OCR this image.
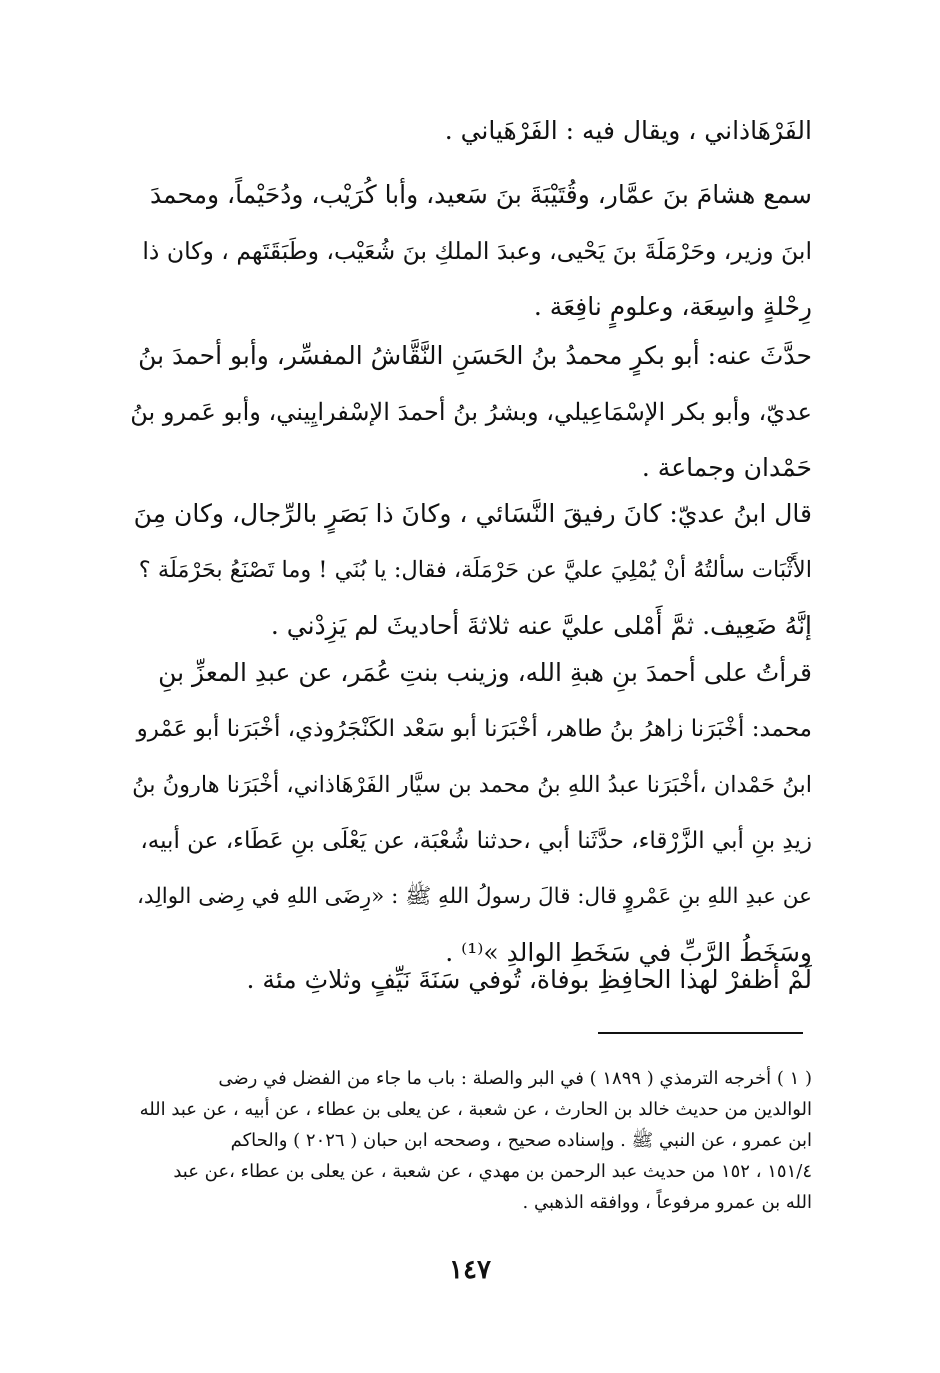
الفَرْهَاذاني ، ويقال فيه : الفَرْهَياني .

سمع هشامَ بنَ عمَّار، وقُتَيْبَةَ بنَ سَعيد، وأبا كُرَيْب، ودُحَيْماً، ومحمدَ

ابنَ وزير، وحَرْمَلَةَ بنَ يَحْيى، وعبدَ الملكِ بنَ شُعَيْب، وطَبَقَتَهم ، وكان ذا

رِحْلةٍ واسِعَة، وعلومٍ نافِعَة .

حدَّثَ عنه: أبو بكرٍ محمدُ بنُ الحَسَنِ النَّقَّاشُ المفسِّر، وأبو أحمدَ بنُ

عديّ، وأبو بكر الإسْمَاعِيلي، وبشرُ بنُ أحمدَ الإسْفرايِيني، وأبو عَمرو بنُ

حَمْدان وجماعة .

قال ابنُ عديّ: كانَ رفيقَ النَّسَائي ، وكانَ ذا بَصَرٍ بالرِّجال، وكان مِنَ

الأَثْبَات سألتُهُ أنْ يُمْلِيَ عليَّ عن حَرْمَلَة، فقال: يا بُنَي ! وما تَصْنَعُ بحَرْمَلَة ؟

إنَّهُ ضَعِيف. ثمَّ أَمْلى عليَّ عنه ثلاثةَ أحاديثَ لم يَزِدْني .

قرأتُ على أحمدَ بنِ هبةِ الله، وزينب بنتِ عُمَر، عن عبدِ المعزِّ بنِ

محمد: أخْبَرَنا زاهرُ بنُ طاهر، أخْبَرَنا أبو سَعْد الكَنْجَرُوذي، أخْبَرَنا أبو عَمْرو

ابنُ حَمْدان ،أخْبَرَنا عبدُ اللهِ بنُ محمد بن سيَّار الفَرْهَاذاني، أخْبَرَنا هارونُ بنُ

زيدِ بنِ أبي الزَّرْقاء، حدَّثَنا أبي ،حدثنا شُعْبَة، عن يَعْلَى بنِ عَطَاء، عن أبيه،

عن عبدِ اللهِ بنِ عَمْروٍ قال: قالَ رسولُ اللهِ ﷺ : «رِضَى اللهِ في رِضى الوالِد،

وسَخَطُ الرَّبِّ في سَخَطِ الوالدِ »⁽¹⁾ .

لَمْ أظفرْ لهذا الحافِظِ بوفاة، تُوفي سَنَةَ نَيِّفٍ وثلاثِ مئة .

( ١ ) أخرجه الترمذي ( ١٨٩٩ ) في البر والصلة : باب ما جاء من الفضل في رضى

الوالدين من حديث خالد بن الحارث ، عن شعبة ، عن يعلى بن عطاء ، عن أبيه ، عن عبد الله

ابن عمرو ، عن النبي ﷺ . وإسناده صحيح ، وصححه ابن حبان ( ٢٠٢٦ ) والحاكم

١٥١/٤ ، ١٥٢ من حديث عبد الرحمن بن مهدي ، عن شعبة ، عن يعلى بن عطاء ،عن عبد

الله بن عمرو مرفوعاً ، ووافقه الذهبي .

١٤٧
